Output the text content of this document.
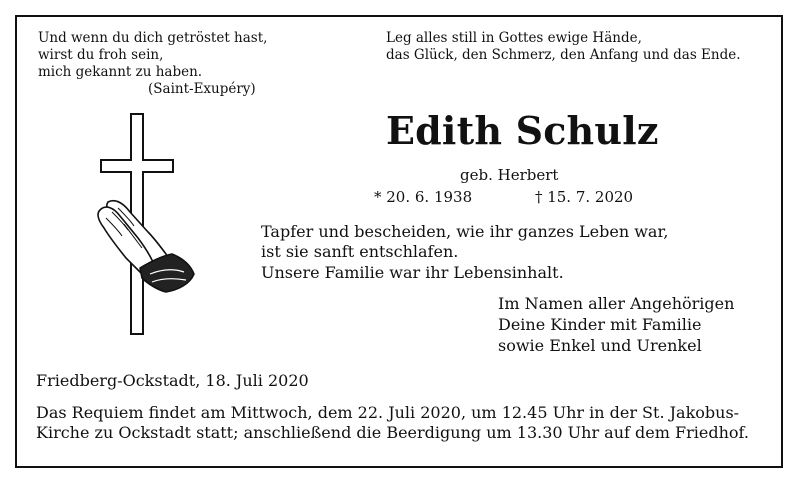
Und wenn du dich getröstet hast,
wirst du froh sein,
mich gekannt zu haben.
(Saint-Exupéry)
Leg alles still in Gottes ewige Hände,
das Glück, den Schmerz, den Anfang und das Ende.
Edith Schulz
geb. Herbert
* 20. 6. 1938	† 15. 7. 2020
Tapfer und bescheiden, wie ihr ganzes Leben war,
ist sie sanft entschlafen.
Unsere Familie war ihr Lebensinhalt.
Im Namen aller Angehörigen
Deine Kinder mit Familie
sowie Enkel und Urenkel
Friedberg-Ockstadt, 18. Juli 2020
Das Requiem findet am Mittwoch, dem 22. Juli 2020, um 12.45 Uhr in der St. Jakobus-
Kirche zu Ockstadt statt; anschließend die Beerdigung um 13.30 Uhr auf dem Friedhof.
